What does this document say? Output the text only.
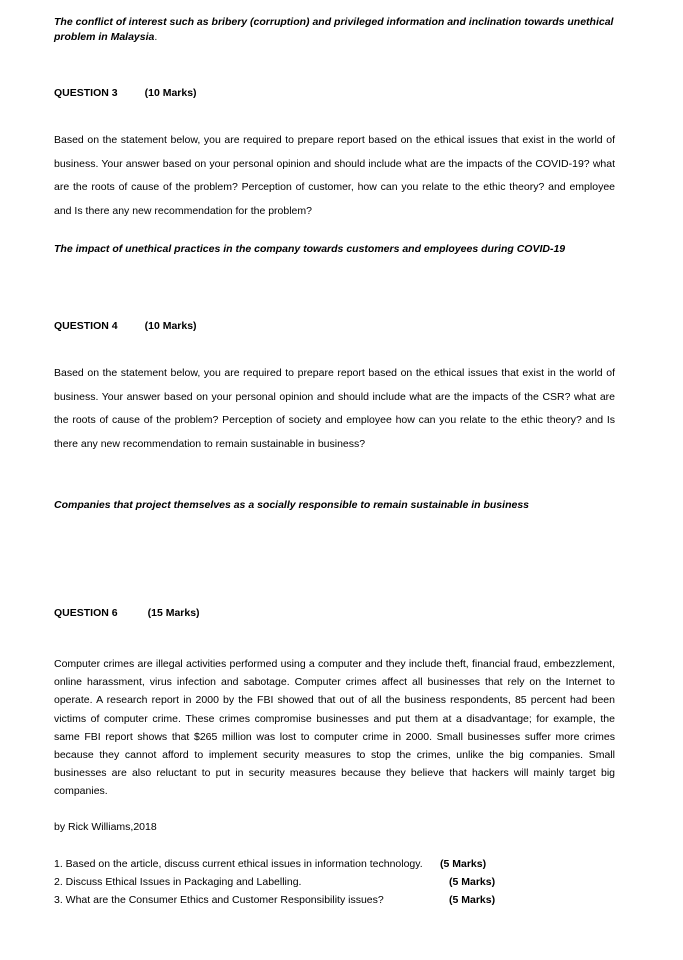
The conflict of interest such as bribery (corruption) and privileged information and inclination towards unethical problem in Malaysia.

QUESTION 3	(10 Marks)

Based on the statement below, you are required to prepare report based on the ethical issues that exist in the world of business. Your answer based on your personal opinion and should include what are the impacts of the COVID-19? what are the roots of cause of the problem? Perception of customer, how can you relate to the ethic theory? and employee and Is there any new recommendation for the problem?

The impact of unethical practices in the company towards customers and employees during COVID-19

QUESTION 4	(10 Marks)

Based on the statement below, you are required to prepare report based on the ethical issues that exist in the world of business. Your answer based on your personal opinion and should include what are the impacts of the CSR? what are the roots of cause of the problem? Perception of society and employee how can you relate to the ethic theory? and Is there any new recommendation to remain sustainable in business?

Companies that project themselves as a socially responsible to remain sustainable in business

QUESTION 6	(15 Marks)

Computer crimes are illegal activities performed using a computer and they include theft, financial fraud, embezzlement, online harassment, virus infection and sabotage. Computer crimes affect all businesses that rely on the Internet to operate. A research report in 2000 by the FBI showed that out of all the business respondents, 85 percent had been victims of computer crime. These crimes compromise businesses and put them at a disadvantage; for example, the same FBI report shows that $265 million was lost to computer crime in 2000. Small businesses suffer more crimes because they cannot afford to implement security measures to stop the crimes, unlike the big companies. Small businesses are also reluctant to put in security measures because they believe that hackers will mainly target big companies.

by Rick Williams,2018

1. Based on the article, discuss current ethical issues in information technology. (5 Marks)
2. Discuss Ethical Issues in Packaging and Labelling.	(5 Marks)
3. What are the Consumer Ethics and Customer Responsibility issues?	(5 Marks)
